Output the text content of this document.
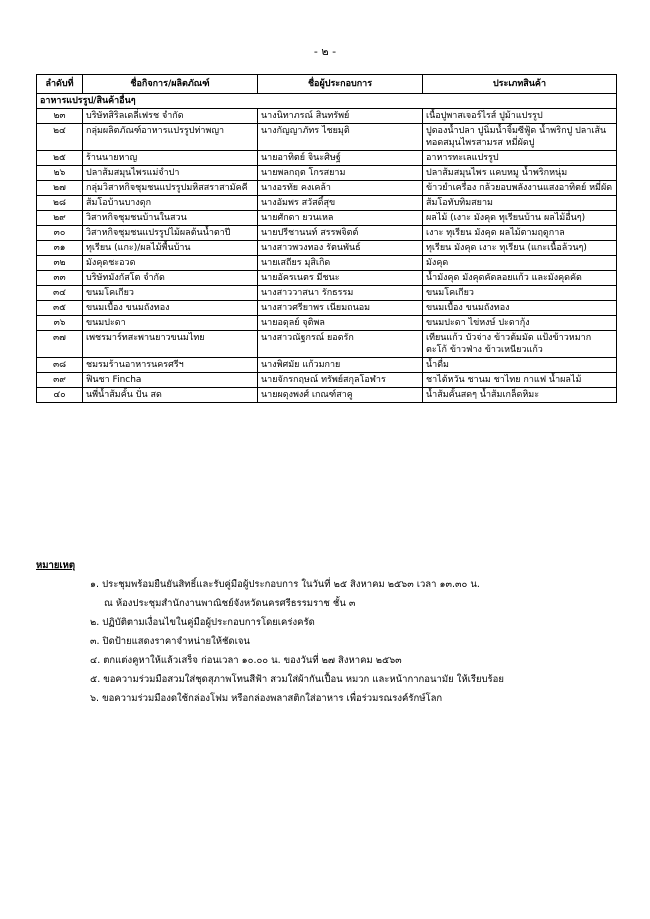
- ๒ -
ลำดับที่	ชื่อกิจการ/ผลิตภัณฑ์	ชื่อผู้ประกอบการ	ประเภทสินค้า
อาหารแปรรูป/สินค้าอื่นๆ			
๒๓	บริษัทสิริลเดลี่เฟรช จำกัด	นางนิทาภรณ์ สินทรัพย์	เนื้อปูพาสเจอร์ไรส์ ปูม้าแปรรูป
๒๔	กลุ่มผลิตภัณฑ์อาหารแปรรูปท่าพญา	นางกัญญาภัทร ไชยมุติ	ปูดองน้ำปลา ปูนิ่มน้ำจิ้มซีฟู้ด น้ำพริกปู ปลาเส้นทอดสมุนไพรสามรส หมี่ผัดปู
๒๕	ร้านนายหาญ	นายอาทิตย์ จินะศิษฐ์	อาหารทะเลแปรรูป
๒๖	ปลาส้มสมุนไพรแม่จำปา	นายพลกฤต โกรสยาม	ปลาส้มสมุนไพร แคบหมู น้ำพริกหนุ่ม
๒๗	กลุ่มวิสาหกิจชุมชนแปรรูปมหิสสราสามัคคี	นางอรทัย คงเคล้า	ข้าวยำเครื่อง กล้วยอบพลังงานแสงอาทิตย์ หมี่ผัด
๒๘	ส้มโอบ้านบางดุก	นางอัมพร สวัสดิ์สุข	ส้มโอทับทิมสยาม
๒๙	วิสาหกิจชุมชนบ้านในสวน	นายศักดา ยวนเหล	ผลไม้ (เงาะ มังคุด ทุเรียนบ้าน ผลไม้อื่นๆ)
๓๐	วิสาหกิจชุมชนแปรรูปไม้ผลต้นน้ำตาปี	นายปรีชานนท์ สรรพจิตต์	เงาะ ทุเรียน มังคุด ผลไม้ตามฤดูกาล
๓๑	ทุเรียน (แกะ)/ผลไม้พื้นบ้าน	นางสาวพวงทอง รัตนพันธ์	ทุเรียน มังคุด เงาะ ทุเรียน (แกะเนื้อล้วนๆ)
๓๒	มังคุดชะอวด	นายเสถียร มุสิเกิด	มังคุด
๓๓	บริษัทมังกัสโต จำกัด	นายอัครเนตร มีชนะ	น้ำมังคุด มังคุดคัดลอยแก้ว และมังคุดคัด
๓๔	ขนมโคเกียว	นางสาววาสนา รักธรรม	ขนมโคเกียว
๓๕	ขนมเบื้อง ขนมถังทอง	นางสาวศรียาพร เนียมถนอม	ขนมเบื้อง ขนมถังทอง
๓๖	ขนมปะดา	นายอดุลย์ จุติพล	ขนมปะดา ไข่หงษ์ ปะดากุ้ง
๓๗	เพชรมาร์ทสะพานยาวขนมไทย	นางสาวณัฐกรณ์ ยอดรัก	เทียนแก้ว บัวจ่าง ข้าวต้มมัด แป้งข้าวหมาก ตะโก้ ข้าวฟ่าง ข้าวเหนียวแก้ว
๓๘	ชมรมร้านอาหารนครศรีฯ	นางพิศมัย แก้วมกาย	น้ำดื่ม
๓๙	ฟินชา Fincha	นายจักรกฤษณ์ ทรัพย์สกุลโอฬาร	ชาไต้หวัน ชานม ชาไทย กาแฟ น้ำผลไม้
๔๐	นพี่น้ำส้มคั้น ปั่น สด	นายผดุงพงศ์ เกณฑ์สาคู	น้ำส้มคั้นสดๆ น้ำส้มเกล็ดหิมะ
หมายเหตุ
๑. ประชุมพร้อมยืนยันสิทธิ์และรับคู่มือผู้ประกอบการ ในวันที่ ๒๕ สิงหาคม ๒๕๖๓ เวลา ๑๓.๓๐ น.
ณ ห้องประชุมสำนักงานพาณิชย์จังหวัดนครศรีธรรมราช ชั้น ๓
๒. ปฏิบัติตามเงื่อนไขในคู่มือผู้ประกอบการโดยเคร่งครัด
๓. ปิดป้ายแสดงราคาจำหน่ายให้ชัดเจน
๔. ตกแต่งคูหาให้แล้วเสร็จ ก่อนเวลา ๑๐.๐๐ น. ของวันที่ ๒๗ สิงหาคม ๒๕๖๓
๕. ขอความร่วมมือสวมใส่ชุดสุภาพโทนสีฟ้า สวมใส่ผ้ากันเปื้อน หมวก และหน้ากากอนามัย ให้เรียบร้อย
๖. ขอความร่วมมืองดใช้กล่องโฟม หรือกล่องพลาสติกใส่อาหาร เพื่อร่วมรณรงค์รักษ์โลก
